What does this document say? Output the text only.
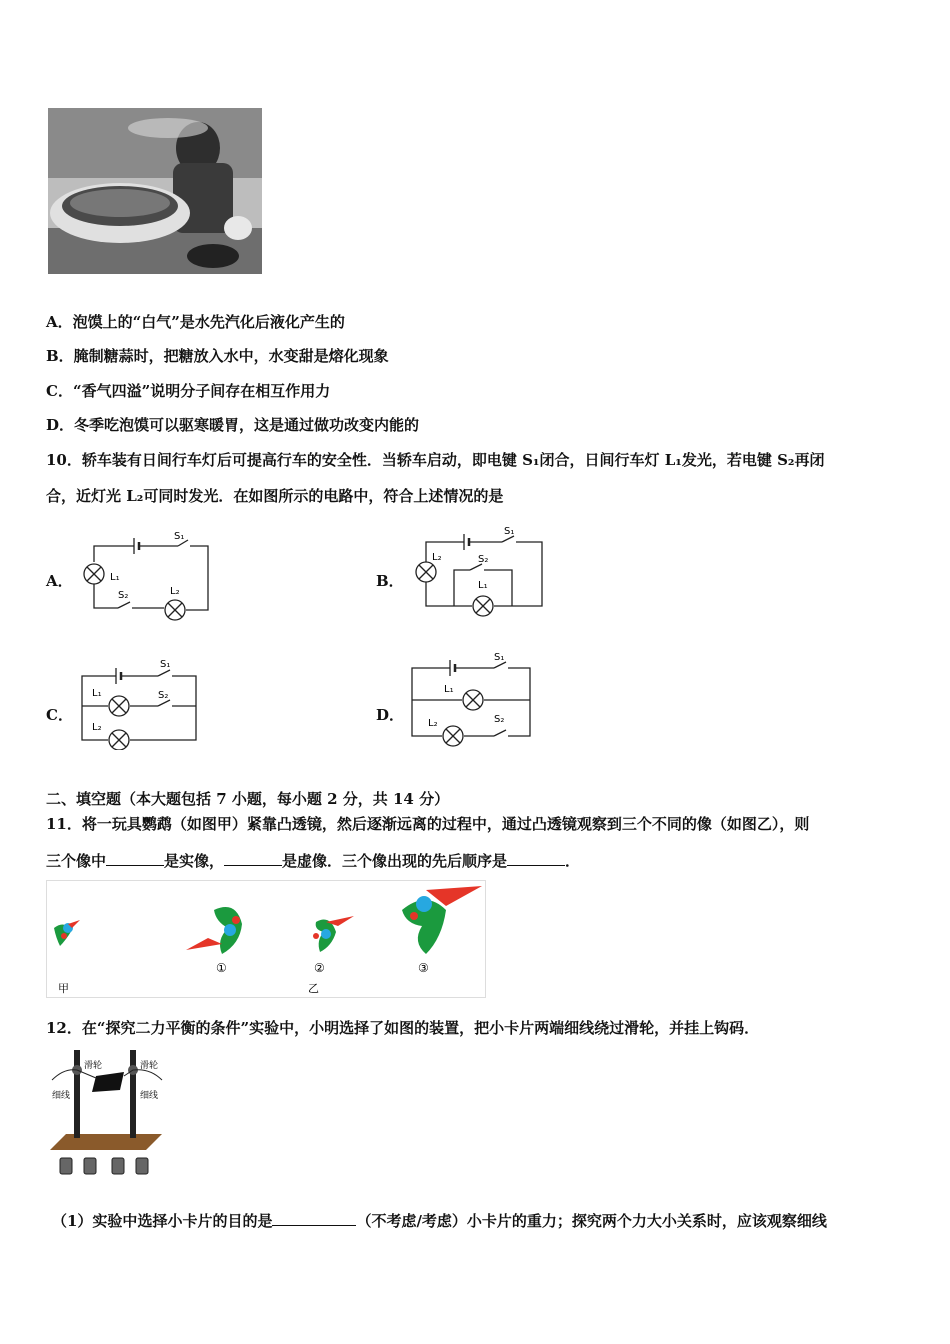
A．泡馍上的“白气”是水先汽化后液化产生的
B．腌制糖蒜时，把糖放入水中，水变甜是熔化现象
C．“香气四溢”说明分子间存在相互作用力
D．冬季吃泡馍可以驱寒暖胃，这是通过做功改变内能的
10．轿车装有日间行车灯后可提高行车的安全性．当轿车启动，即电键 S₁闭合，日间行车灯 L₁发光，若电键 S₂再闭
合，近灯光 L₂可同时发光．在如图所示的电路中，符合上述情况的是
A．
S₁
L₁
S₂	L₂
B．
S₁
L₂	S₂
L₁
C．
S₁
L₁	S₂
L₂
D．
S₁
L₁
L₂	S₂
二、填空题（本大题包括 7 小题，每小题 2 分，共 14 分）
11．将一玩具鹦鹉（如图甲）紧靠凸透镜，然后逐渐远离的过程中，通过凸透镜观察到三个不同的像（如图乙），则
三个像中	是实像，	是虚像．三个像出现的先后顺序是	．
①	②	③
甲	乙
12．在“探究二力平衡的条件”实验中，小明选择了如图的装置，把小卡片两端细线绕过滑轮，并挂上钩码．
滑轮	滑轮
细线	细线
（1）实验中选择小卡片的目的是	（不考虑/考虑）小卡片的重力；探究两个力大小关系时，应该观察细线
